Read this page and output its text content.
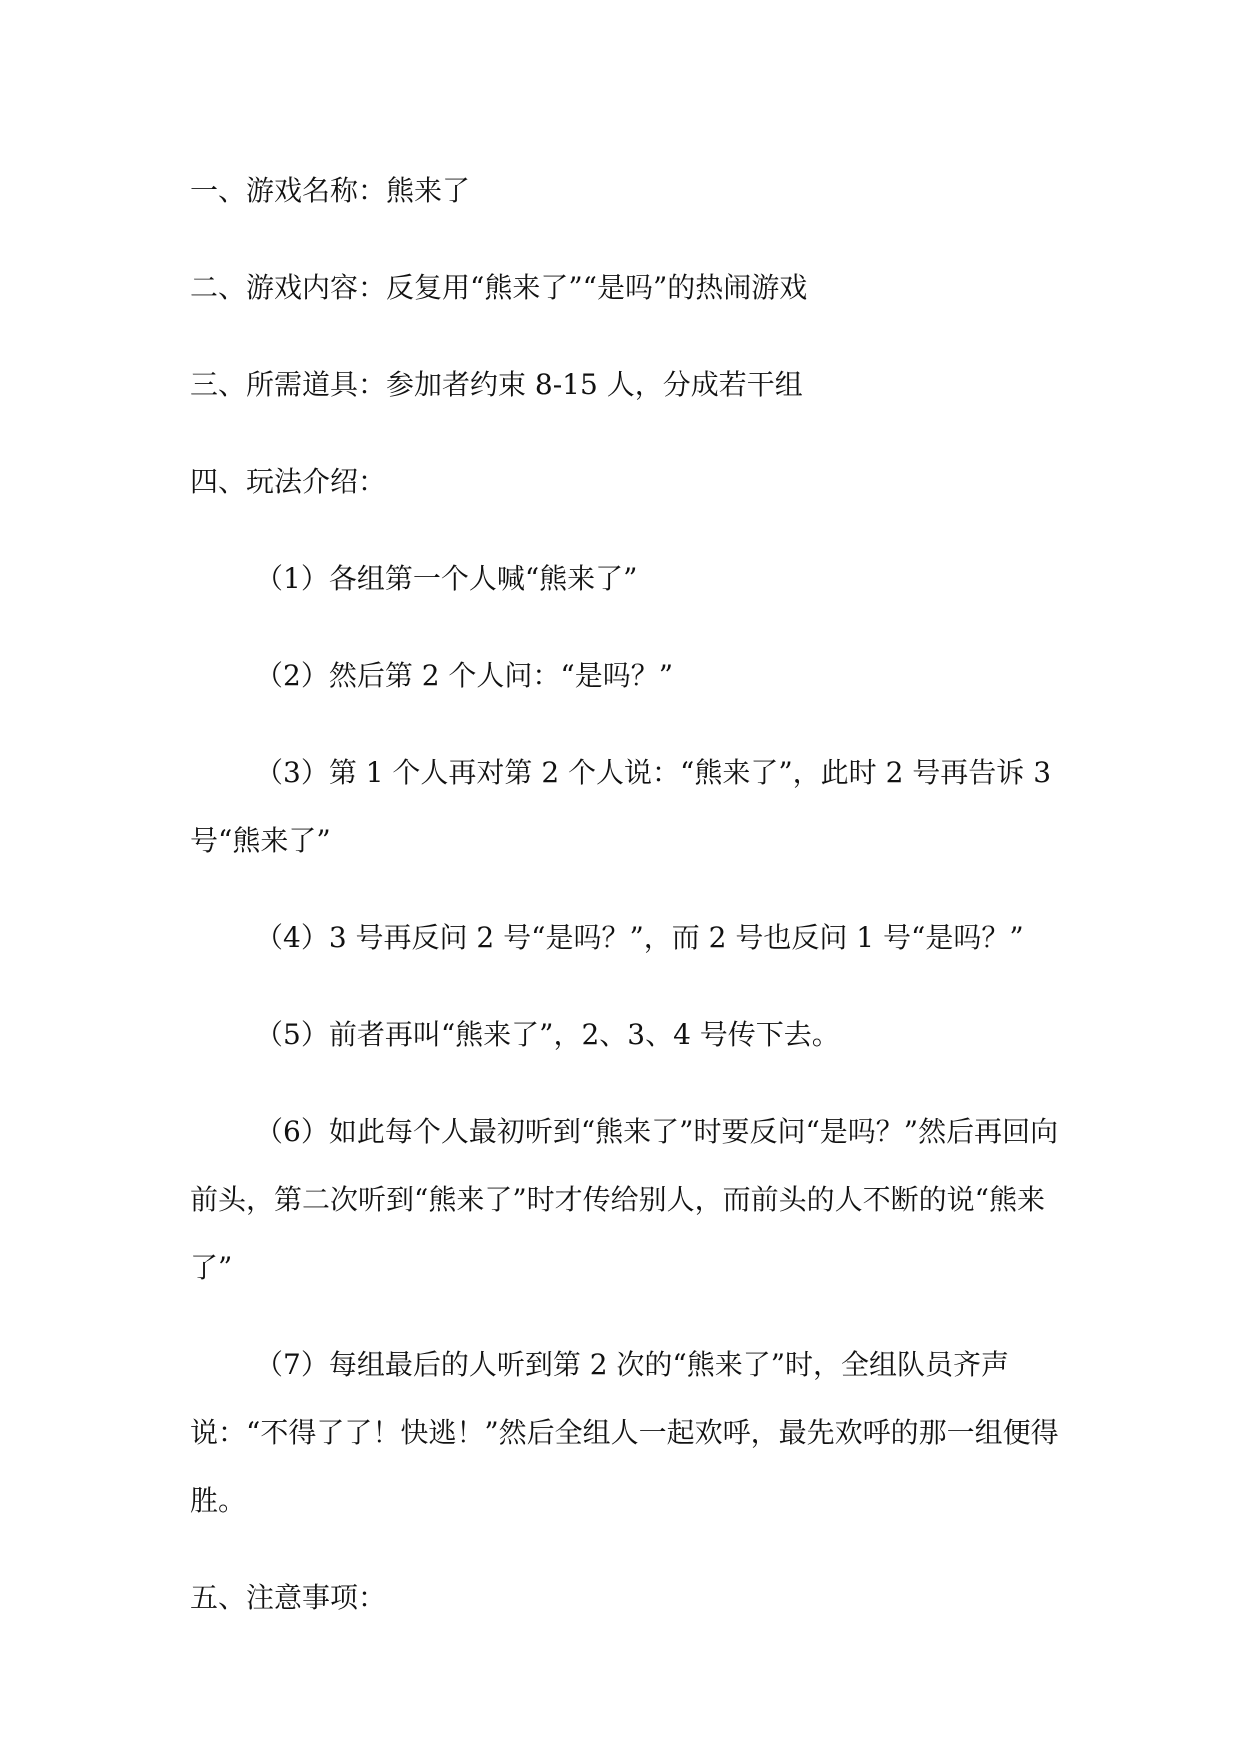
一、游戏名称：熊来了

二、游戏内容：反复用“熊来了”“是吗”的热闹游戏

三、所需道具：参加者约束 8-15 人，分成若干组

四、玩法介绍：

（1）各组第一个人喊“熊来了”

（2）然后第 2 个人问：“是吗？”

（3）第 1 个人再对第 2 个人说：“熊来了”，此时 2 号再告诉 3 号“熊来了”

（4）3 号再反问 2 号“是吗？”，而 2 号也反问 1 号“是吗？”

（5）前者再叫“熊来了”，2、3、4 号传下去。

（6）如此每个人最初听到“熊来了”时要反问“是吗？”然后再回向前头，第二次听到“熊来了”时才传给别人，而前头的人不断的说“熊来了”

（7）每组最后的人听到第 2 次的“熊来了”时，全组队员齐声说：“不得了了！快逃！”然后全组人一起欢呼，最先欢呼的那一组便得胜。

五、注意事项：
